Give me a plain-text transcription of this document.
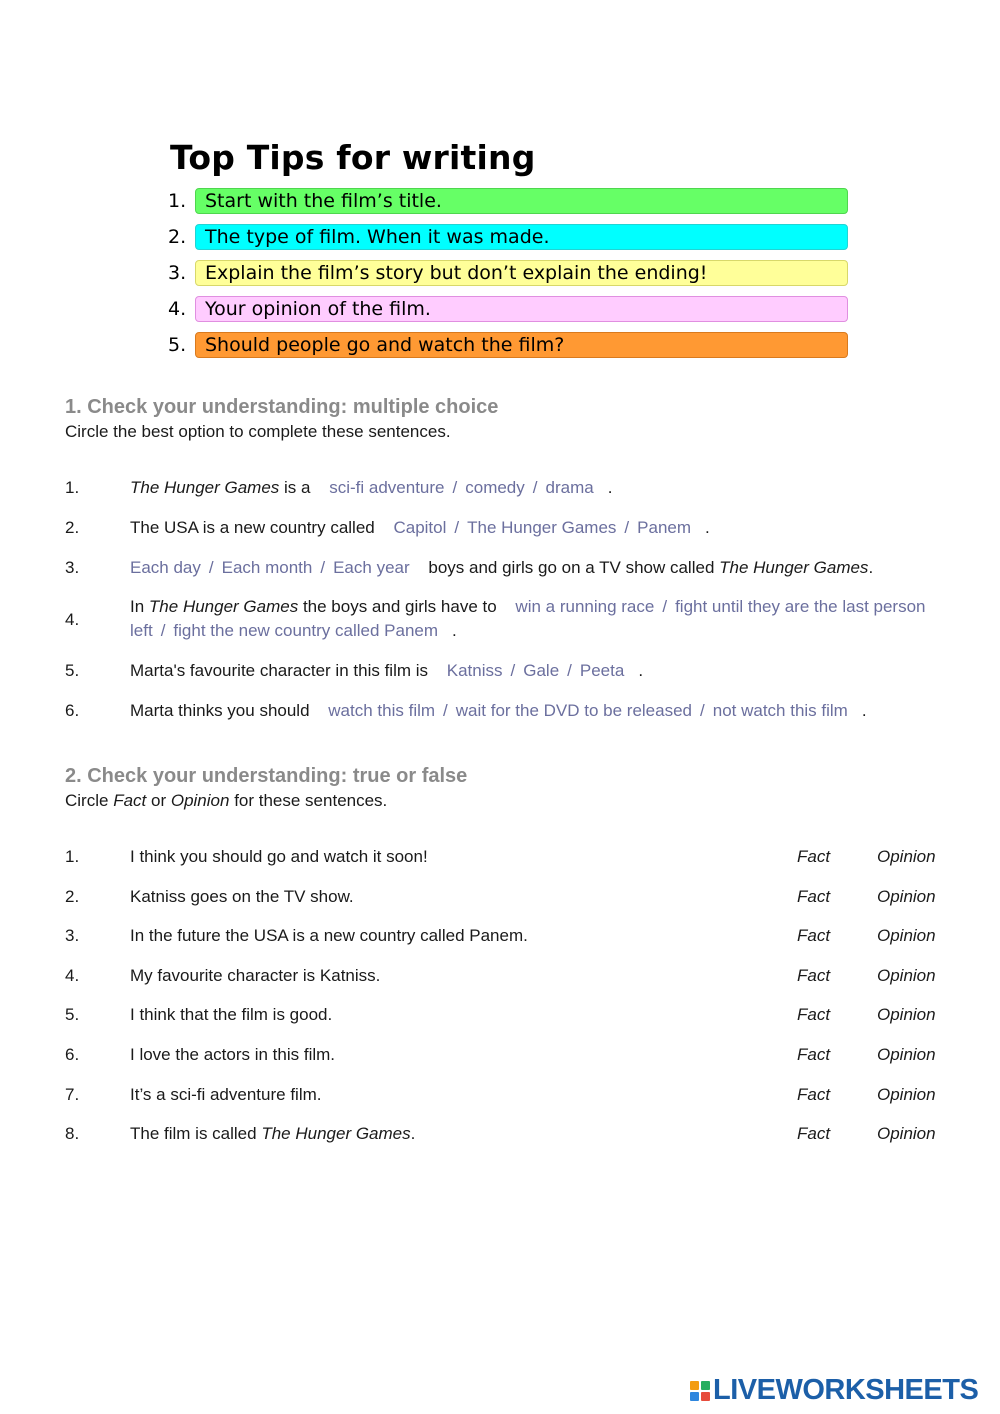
Top Tips for writing
1. Start with the film’s title.
2. The type of film. When it was made.
3. Explain the film’s story but don’t explain the ending!
4. Your opinion of the film.
5. Should people go and watch the film?
1. Check your understanding: multiple choice
Circle the best option to complete these sentences.
1.	The Hunger Games is a sci-fi adventure / comedy / drama .
2.	The USA is a new country called Capitol / The Hunger Games / Panem .
3.	Each day / Each month / Each year boys and girls go on a TV show called The Hunger Games.
4.
In The Hunger Games the boys and girls have to win a running race / fight until they are the last person left / fight the new country called Panem .
5.	Marta's favourite character in this film is Katniss / Gale / Peeta .
6.	Marta thinks you should watch this film / wait for the DVD to be released / not watch this film .
2. Check your understanding: true or false
Circle Fact or Opinion for these sentences.
1.	I think you should go and watch it soon!	Fact	Opinion
2.	Katniss goes on the TV show.	Fact	Opinion
3.	In the future the USA is a new country called Panem.	Fact	Opinion
4.	My favourite character is Katniss.	Fact	Opinion
5.	I think that the film is good.	Fact	Opinion
6.	I love the actors in this film.	Fact	Opinion
7.	It’s a sci-fi adventure film.	Fact	Opinion
8.	The film is called The Hunger Games.	Fact	Opinion
LIVEWORKSHEETS
